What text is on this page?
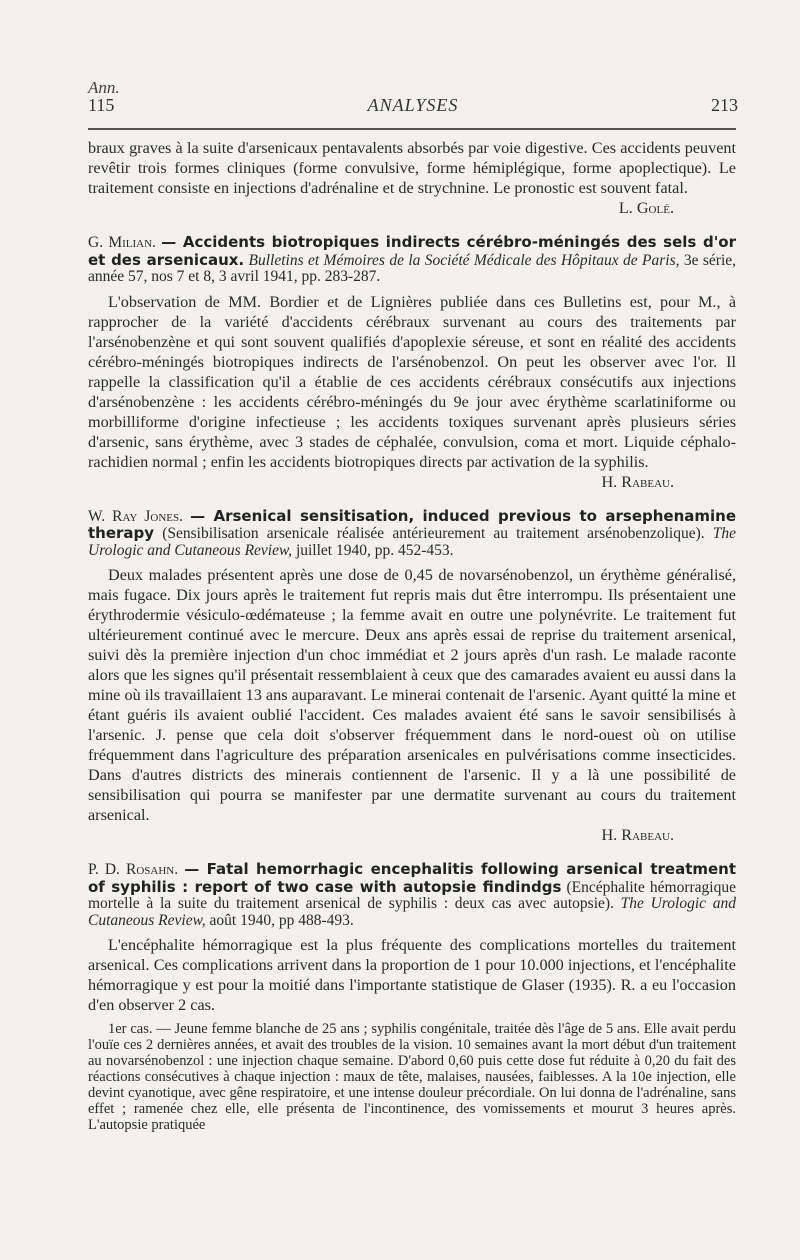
Ann.
115	ANALYSES	213

braux graves à la suite d'arsenicaux pentavalents absorbés par voie digestive. Ces accidents peuvent revêtir trois formes cliniques (forme convulsive, forme hémiplégique, forme apoplectique). Le traitement consiste en injections d'adrénaline et de strychnine. Le pronostic est souvent fatal.

L. Golé.
G. Milian. — Accidents biotropiques indirects cérébro-méningés des sels d'or et des arsenicaux. Bulletins et Mémoires de la Société Médicale des Hôpitaux de Paris, 3e série, année 57, nos 7 et 8, 3 avril 1941, pp. 283-287.

L'observation de MM. Bordier et de Lignières publiée dans ces Bulletins est, pour M., à rapprocher de la variété d'accidents cérébraux survenant au cours des traitements par l'arsénobenzène et qui sont souvent qualifiés d'apoplexie séreuse, et sont en réalité des accidents cérébro-méningés biotropiques indirects de l'arsénobenzol. On peut les observer avec l'or. Il rappelle la classification qu'il a établie de ces accidents cérébraux consécutifs aux injections d'arsénobenzène : les accidents cérébro-méningés du 9e jour avec érythème scarlatiniforme ou morbilliforme d'origine infectieuse ; les accidents toxiques survenant après plusieurs séries d'arsenic, sans érythème, avec 3 stades de céphalée, convulsion, coma et mort. Liquide céphalo-rachidien normal ; enfin les accidents biotropiques directs par activation de la syphilis.

H. Rabeau.
W. Ray Jones. — Arsenical sensitisation, induced previous to arsephenamine therapy (Sensibilisation arsenicale réalisée antérieurement au traitement arsénobenzolique). The Urologic and Cutaneous Review, juillet 1940, pp. 452-453.

Deux malades présentent après une dose de 0,45 de novarsénobenzol, un érythème généralisé, mais fugace. Dix jours après le traitement fut repris mais dut être interrompu. Ils présentaient une érythrodermie vésiculo-œdémateuse ; la femme avait en outre une polynévrite. Le traitement fut ultérieurement continué avec le mercure. Deux ans après essai de reprise du traitement arsenical, suivi dès la première injection d'un choc immédiat et 2 jours après d'un rash. Le malade raconte alors que les signes qu'il présentait ressemblaient à ceux que des camarades avaient eu aussi dans la mine où ils travaillaient 13 ans auparavant. Le minerai contenait de l'arsenic. Ayant quitté la mine et étant guéris ils avaient oublié l'accident. Ces malades avaient été sans le savoir sensibilisés à l'arsenic. J. pense que cela doit s'observer fréquemment dans le nord-ouest où on utilise fréquemment dans l'agriculture des préparation arsenicales en pulvérisations comme insecticides. Dans d'autres districts des minerais contiennent de l'arsenic. Il y a là une possibilité de sensibilisation qui pourra se manifester par une dermatite survenant au cours du traitement arsenical.

H. Rabeau.
P. D. Rosahn. — Fatal hemorrhagic encephalitis following arsenical treatment of syphilis : report of two case with autopsie findindgs (Encéphalite hémorragique mortelle à la suite du traitement arsenical de syphilis : deux cas avec autopsie). The Urologic and Cutaneous Review, août 1940, pp 488-493.

L'encéphalite hémorragique est la plus fréquente des complications mortelles du traitement arsenical. Ces complications arrivent dans la proportion de 1 pour 10.000 injections, et l'encéphalite hémorragique y est pour la moitié dans l'importante statistique de Glaser (1935). R. a eu l'occasion d'en observer 2 cas.

1er cas. — Jeune femme blanche de 25 ans ; syphilis congénitale, traitée dès l'âge de 5 ans. Elle avait perdu l'ouïe ces 2 dernières années, et avait des troubles de la vision. 10 semaines avant la mort début d'un traitement au novarsénobenzol : une injection chaque semaine. D'abord 0,60 puis cette dose fut réduite à 0,20 du fait des réactions consécutives à chaque injection : maux de tête, malaises, nausées, faiblesses. A la 10e injection, elle devint cyanotique, avec gêne respiratoire, et une intense douleur précordiale. On lui donna de l'adrénaline, sans effet ; ramenée chez elle, elle présenta de l'incontinence, des vomissements et mourut 3 heures après. L'autopsie pratiquée
